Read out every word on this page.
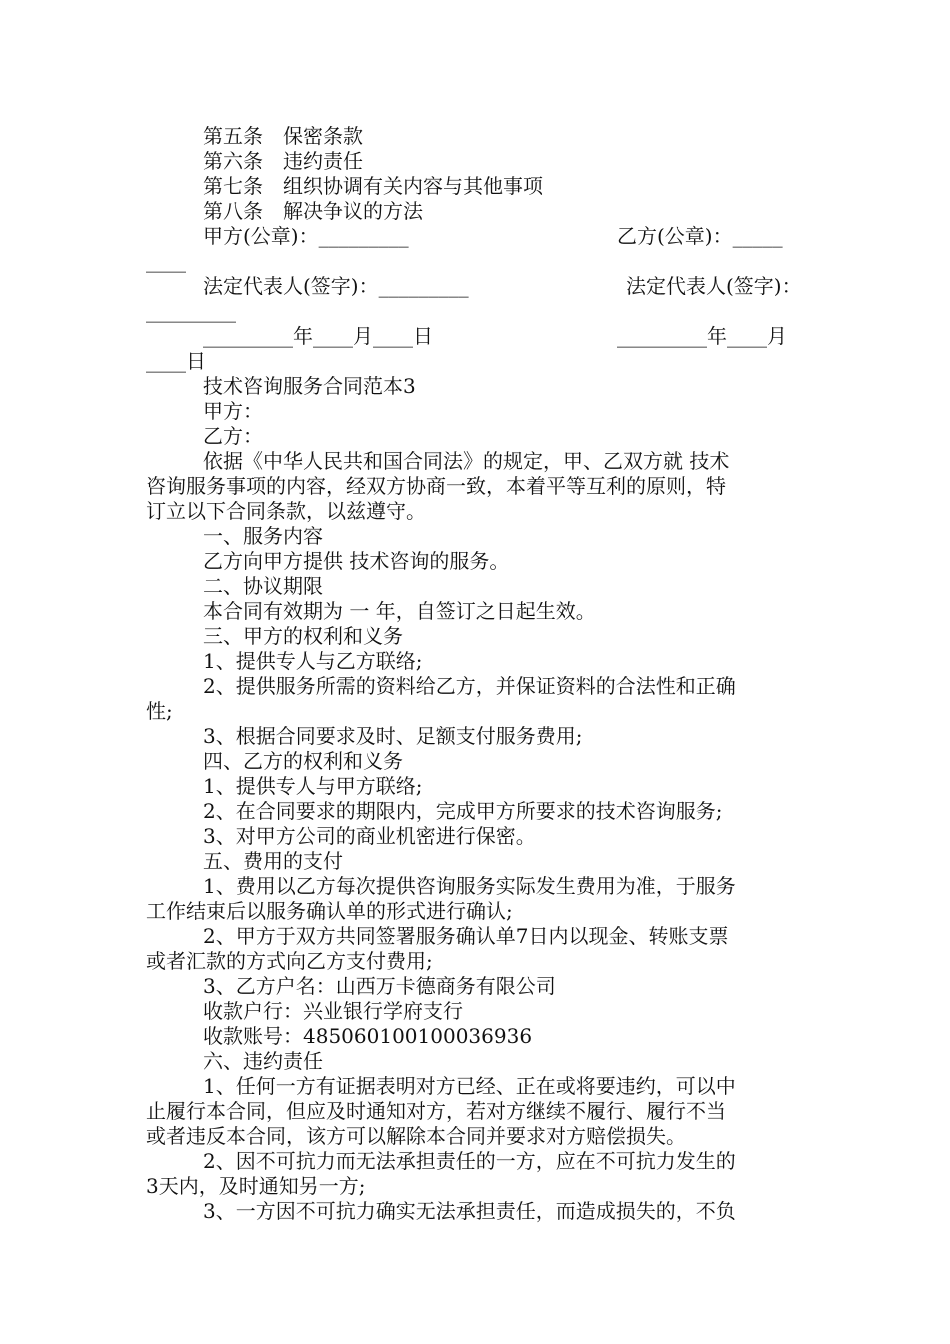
第五条　保密条款
第六条　违约责任
第七条　组织协调有关内容与其他事项
第八条　解决争议的方法
甲方(公章)：_________	乙方(公章)：_____
____
法定代表人(签字)：_________	法定代表人(签字)：
_________
_________年____月____日	_________年____月
____日
技术咨询服务合同范本3
甲方：
乙方：
依据《中华人民共和国合同法》的规定，甲、乙双方就 技术
咨询服务事项的内容，经双方协商一致，本着平等互利的原则，特
订立以下合同条款，以兹遵守。
一、服务内容
乙方向甲方提供 技术咨询的服务。
二、协议期限
本合同有效期为 一 年，自签订之日起生效。
三、甲方的权利和义务
1、提供专人与乙方联络;
2、提供服务所需的资料给乙方，并保证资料的合法性和正确
性;
3、根据合同要求及时、足额支付服务费用;
四、乙方的权利和义务
1、提供专人与甲方联络;
2、在合同要求的期限内，完成甲方所要求的技术咨询服务;
3、对甲方公司的商业机密进行保密。
五、费用的支付
1、费用以乙方每次提供咨询服务实际发生费用为准，于服务
工作结束后以服务确认单的形式进行确认;
2、甲方于双方共同签署服务确认单7日内以现金、转账支票
或者汇款的方式向乙方支付费用;
3、乙方户名：山西万卡德商务有限公司
收款户行：兴业银行学府支行
收款账号：485060100100036936
六、违约责任
1、任何一方有证据表明对方已经、正在或将要违约，可以中
止履行本合同，但应及时通知对方，若对方继续不履行、履行不当
或者违反本合同，该方可以解除本合同并要求对方赔偿损失。
2、因不可抗力而无法承担责任的一方，应在不可抗力发生的
3天内，及时通知另一方;
3、一方因不可抗力确实无法承担责任，而造成损失的，不负
